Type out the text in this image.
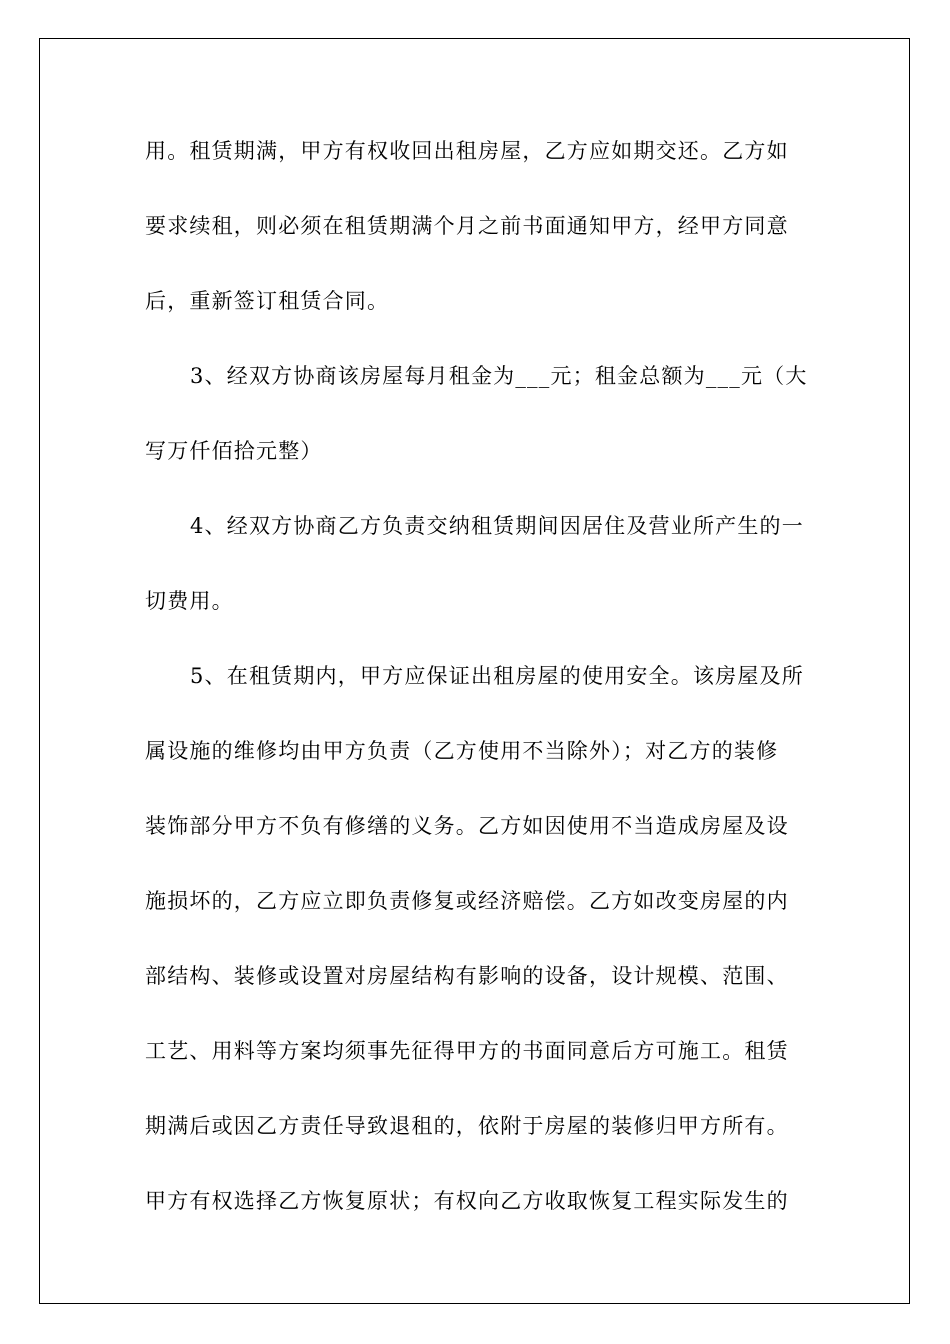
用。租赁期满，甲方有权收回出租房屋，乙方应如期交还。乙方如
要求续租，则必须在租赁期满个月之前书面通知甲方，经甲方同意
后，重新签订租赁合同。
3、经双方协商该房屋每月租金为___元；租金总额为___元（大
写万仟佰拾元整）
4、经双方协商乙方负责交纳租赁期间因居住及营业所产生的一
切费用。
5、在租赁期内，甲方应保证出租房屋的使用安全。该房屋及所
属设施的维修均由甲方负责（乙方使用不当除外）；对乙方的装修
装饰部分甲方不负有修缮的义务。乙方如因使用不当造成房屋及设
施损坏的，乙方应立即负责修复或经济赔偿。乙方如改变房屋的内
部结构、装修或设置对房屋结构有影响的设备，设计规模、范围、
工艺、用料等方案均须事先征得甲方的书面同意后方可施工。租赁
期满后或因乙方责任导致退租的，依附于房屋的装修归甲方所有。
甲方有权选择乙方恢复原状；有权向乙方收取恢复工程实际发生的
